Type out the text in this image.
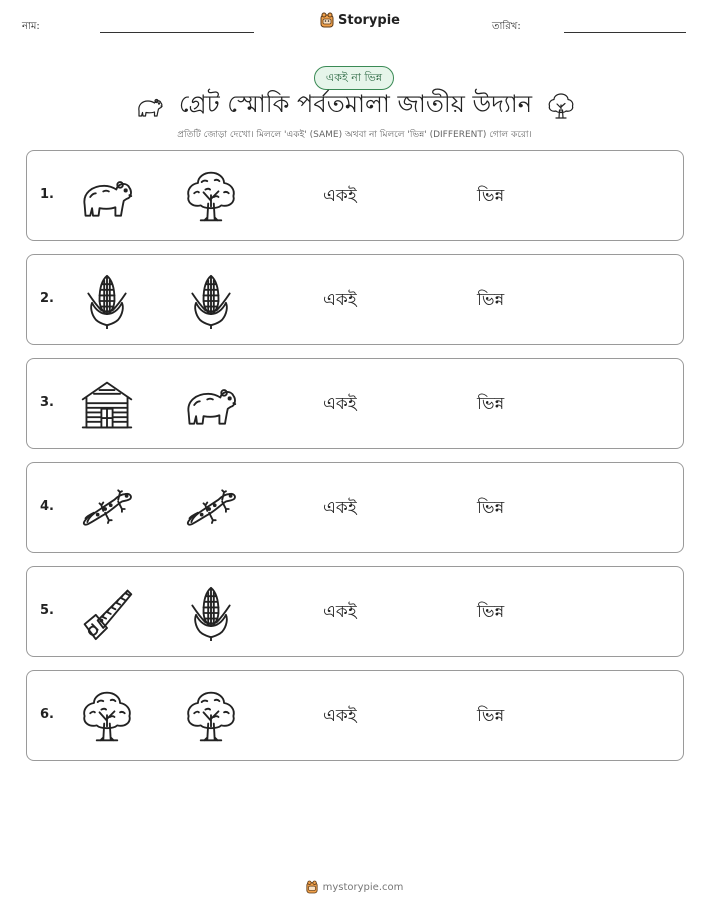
নাম:	Storypie	তারিখ:
একই না ভিন্ন
গ্রেট স্মোকি পর্বতমালা জাতীয় উদ্যান
প্রতিটি জোড়া দেখো। মিললে 'একই' (SAME) অথবা না মিললে 'ভিন্ন' (DIFFERENT) গোল করো।
1.	একই	ভিন্ন
2.	একই	ভিন্ন
3.	একই	ভিন্ন
4.	একই	ভিন্ন
5.	একই	ভিন্ন
6.	একই	ভিন্ন
mystorypie.com
